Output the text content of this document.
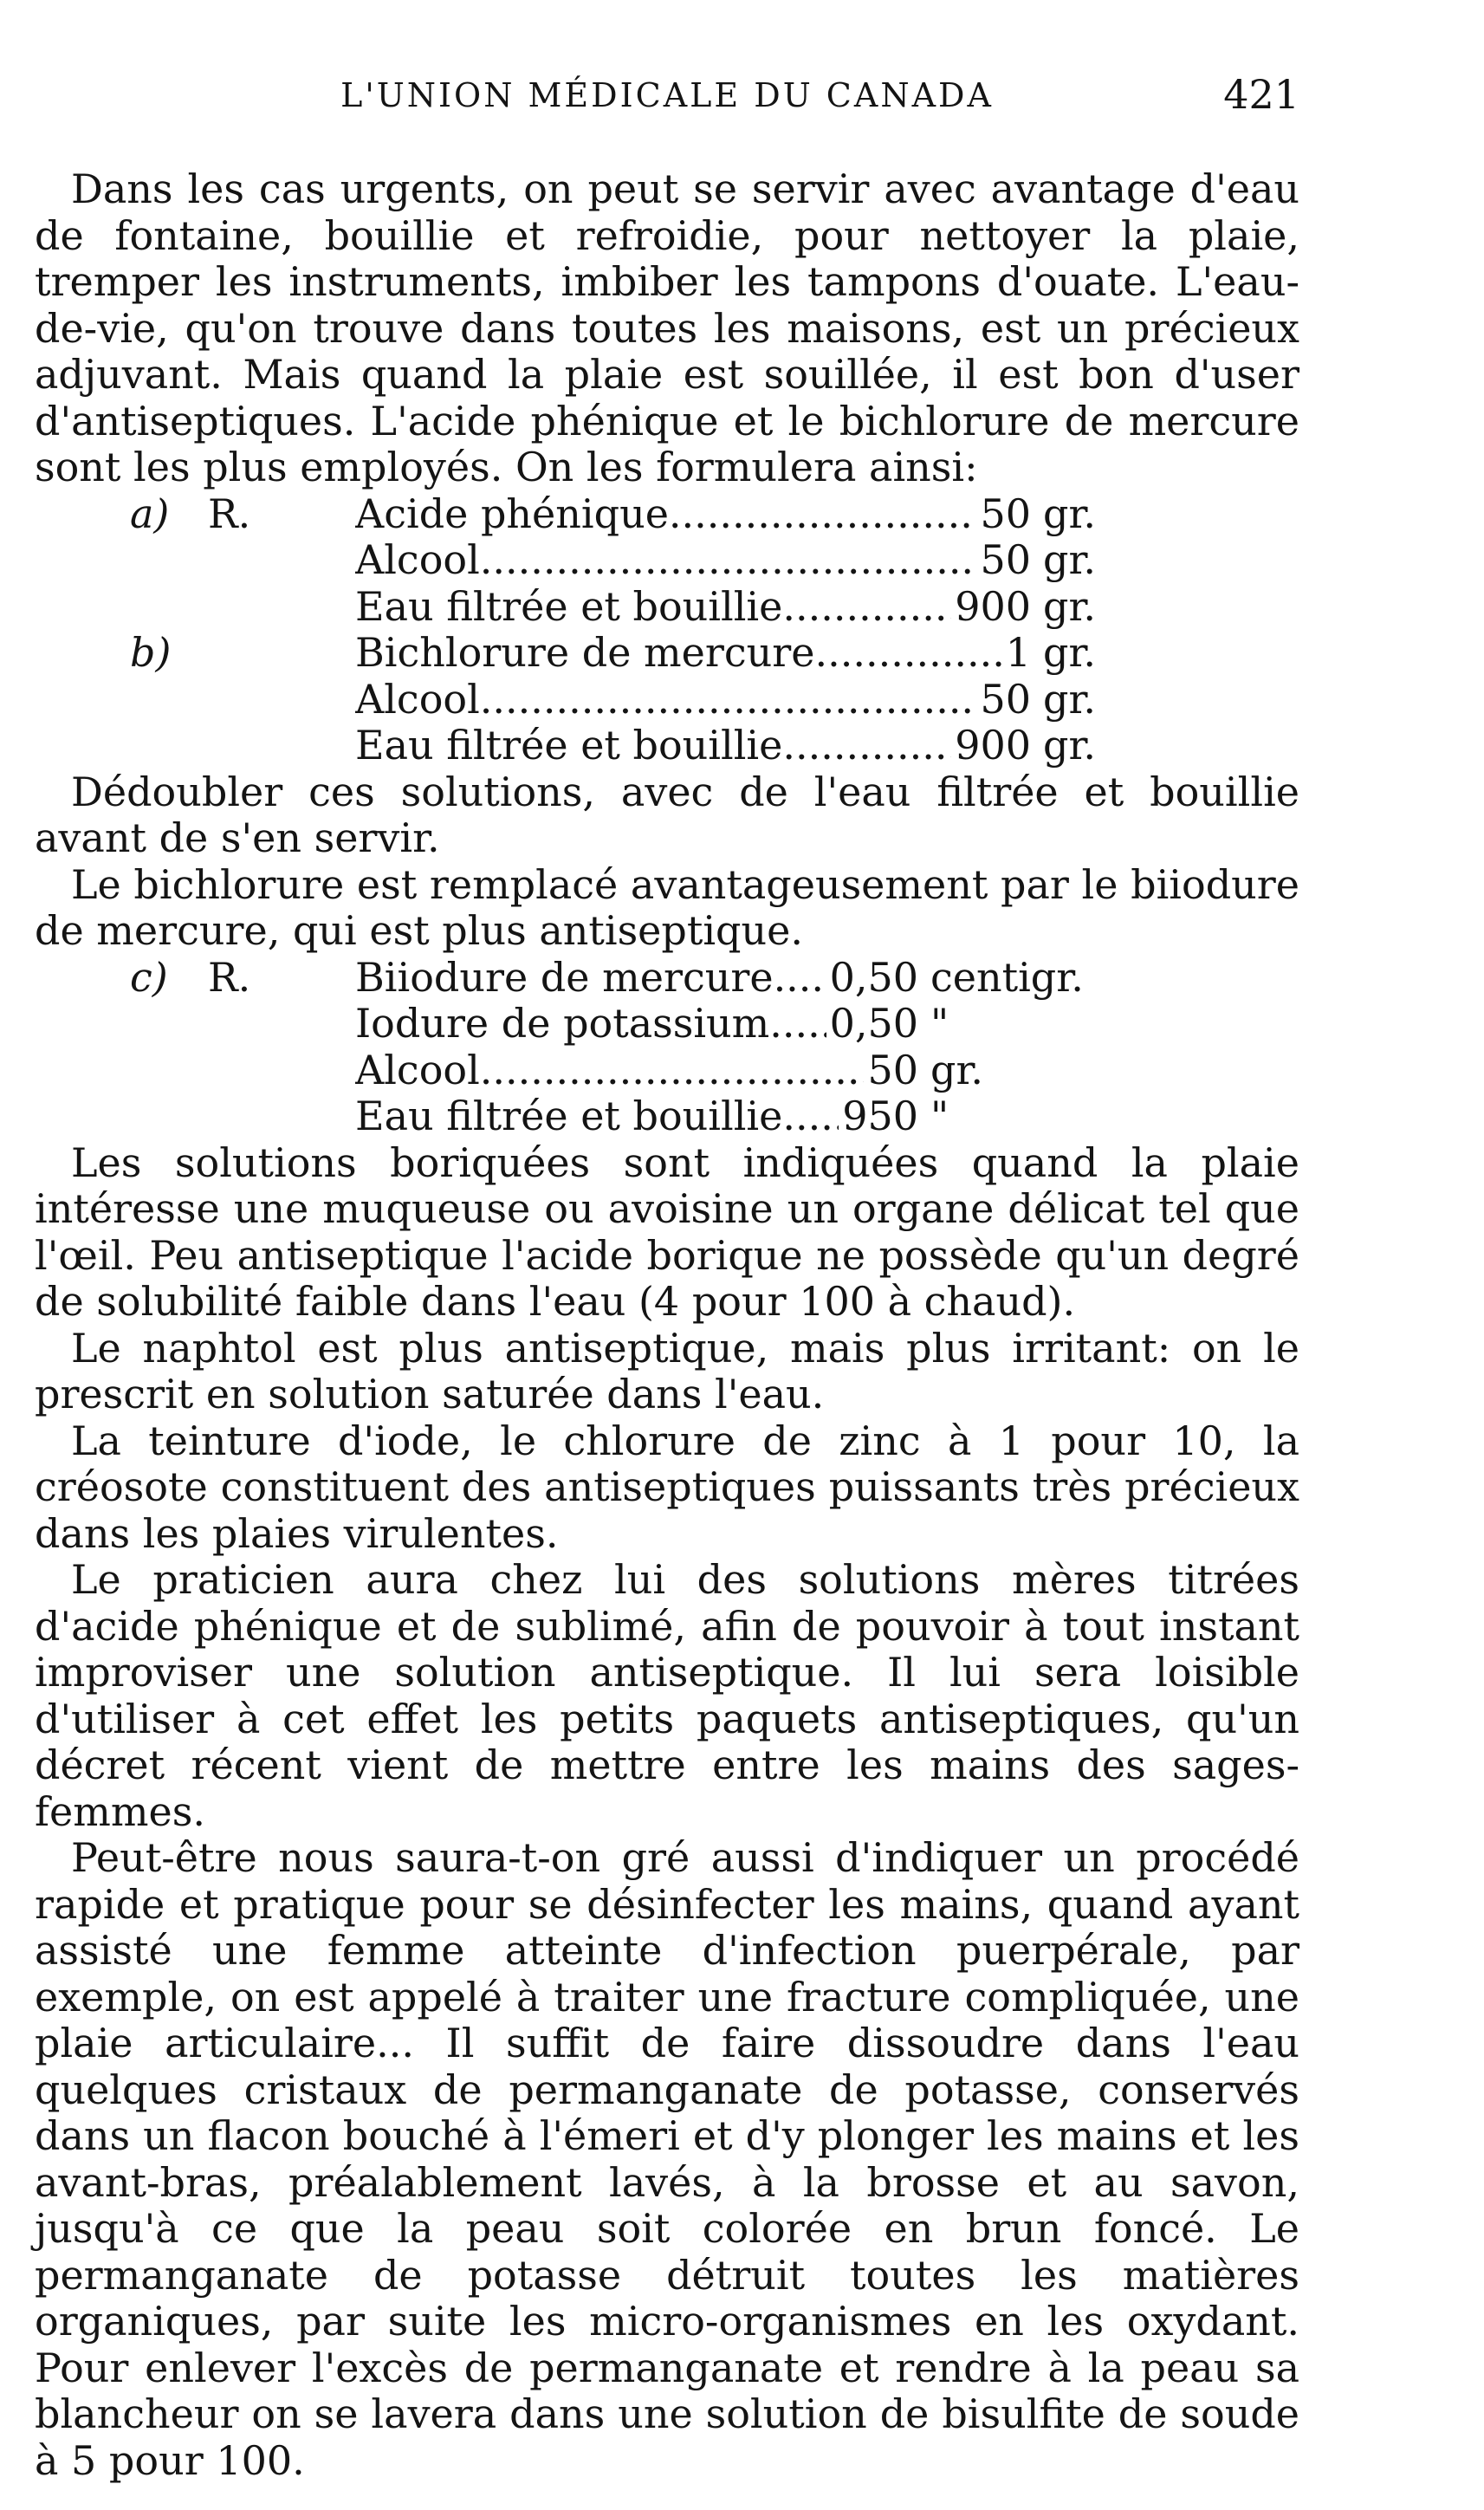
L'UNION MÉDICALE DU CANADA	421

Dans les cas urgents, on peut se servir avec avantage d'eau de fontaine, bouillie et refroidie, pour nettoyer la plaie, tremper les instruments, imbiber les tampons d'ouate. L'eau-de-vie, qu'on trouve dans toutes les maisons, est un précieux adjuvant. Mais quand la plaie est souillée, il est bon d'user d'antiseptiques. L'acide phénique et le bichlorure de mercure sont les plus employés. On les formulera ainsi:

a) R.	Acide phénique .....	50 gr.
Alcool .....	50 gr.
Eau filtrée et bouillie .....	900 gr.
b)	Bichlorure de mercure .....	1 gr.
Alcool .....	50 gr.
Eau filtrée et bouillie .....	900 gr.

Dédoubler ces solutions, avec de l'eau filtrée et bouillie avant de s'en servir.

Le bichlorure est remplacé avantageusement par le biiodure de mercure, qui est plus antiseptique.

c)	R.	Biiodure de mercure ..... 0,50 centigr.
Iodure de potassium ..... 0,50 "
Alcool .....	50 gr.
Eau filtrée et bouillie ..... 950 "

Les solutions boriquées sont indiquées quand la plaie intéresse une muqueuse ou avoisine un organe délicat tel que l'œil. Peu antiseptique l'acide borique ne possède qu'un degré de solubilité faible dans l'eau (4 pour 100 à chaud).

Le naphtol est plus antiseptique, mais plus irritant: on le prescrit en solution saturée dans l'eau.

La teinture d'iode, le chlorure de zinc à 1 pour 10, la créosote constituent des antiseptiques puissants très précieux dans les plaies virulentes.

Le praticien aura chez lui des solutions mères titrées d'acide phénique et de sublimé, afin de pouvoir à tout instant improviser une solution antiseptique. Il lui sera loisible d'utiliser à cet effet les petits paquets antiseptiques, qu'un décret récent vient de mettre entre les mains des sages-femmes.

Peut-être nous saura-t-on gré aussi d'indiquer un procédé rapide et pratique pour se désinfecter les mains, quand ayant assisté une femme atteinte d'infection puerpérale, par exemple, on est appelé à traiter une fracture compliquée, une plaie articulaire... Il suffit de faire dissoudre dans l'eau quelques cristaux de permanganate de potasse, conservés dans un flacon bouché à l'émeri et d'y plonger les mains et les avant-bras, préalablement lavés, à la brosse et au savon, jusqu'à ce que la peau soit colorée en brun foncé. Le permanganate de potasse détruit toutes les matières organiques, par suite les micro-organismes en les oxydant. Pour enlever l'excès de permanganate et rendre à la peau sa blancheur on se lavera dans une solution de bisulfite de soude à 5 pour 100.
